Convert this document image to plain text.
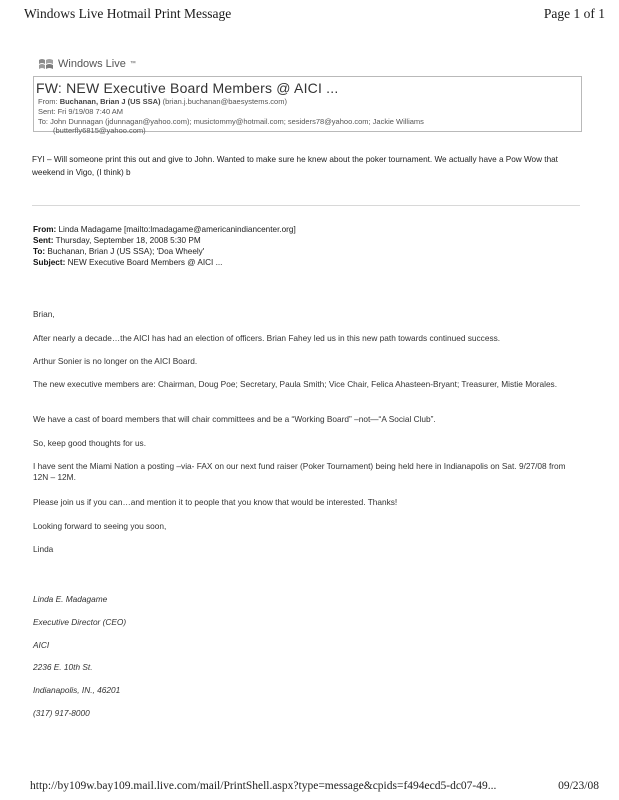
Windows Live Hotmail Print Message	Page 1 of 1
Windows Live ™
FW: NEW Executive Board Members @ AICI ...
From: Buchanan, Brian J (US SSA) (brian.j.buchanan@baesystems.com)
Sent: Fri 9/19/08 7:40 AM
To: John Dunnagan (jdunnagan@yahoo.com); musictommy@hotmail.com; sesiders78@yahoo.com; Jackie Williams
(butterfly6815@yahoo.com)
FYI – Will someone print this out and give to John. Wanted to make sure he knew about the poker tournament. We actually have a Pow Wow that weekend in Vigo, (I think) b
From: Linda Madagame [mailto:lmadagame@americanindiancenter.org]
Sent: Thursday, September 18, 2008 5:30 PM
To: Buchanan, Brian J (US SSA); 'Doa Wheely'
Subject: NEW Executive Board Members @ AICI ...
Brian,
After nearly a decade…the AICI has had an election of officers. Brian Fahey led us in this new path towards continued success.
Arthur Sonier is no longer on the AICI Board.
The new executive members are: Chairman, Doug Poe; Secretary, Paula Smith; Vice Chair, Felica Ahasteen-Bryant; Treasurer, Mistie Morales.
We have a cast of board members that will chair committees and be a “Working Board” –not—“A Social Club”.
So, keep good thoughts for us.
I have sent the Miami Nation a posting –via- FAX on our next fund raiser (Poker Tournament) being held here in Indianapolis on Sat. 9/27/08 from 12N – 12M.
Please join us if you can…and mention it to people that you know that would be interested. Thanks!
Looking forward to seeing you soon,
Linda
Linda E. Madagame
Executive Director (CEO)
AICI
2236 E. 10th St.
Indianapolis, IN., 46201
(317) 917-8000
http://by109w.bay109.mail.live.com/mail/PrintShell.aspx?type=message&cpids=f494ecd5-dc07-49...	09/23/08
